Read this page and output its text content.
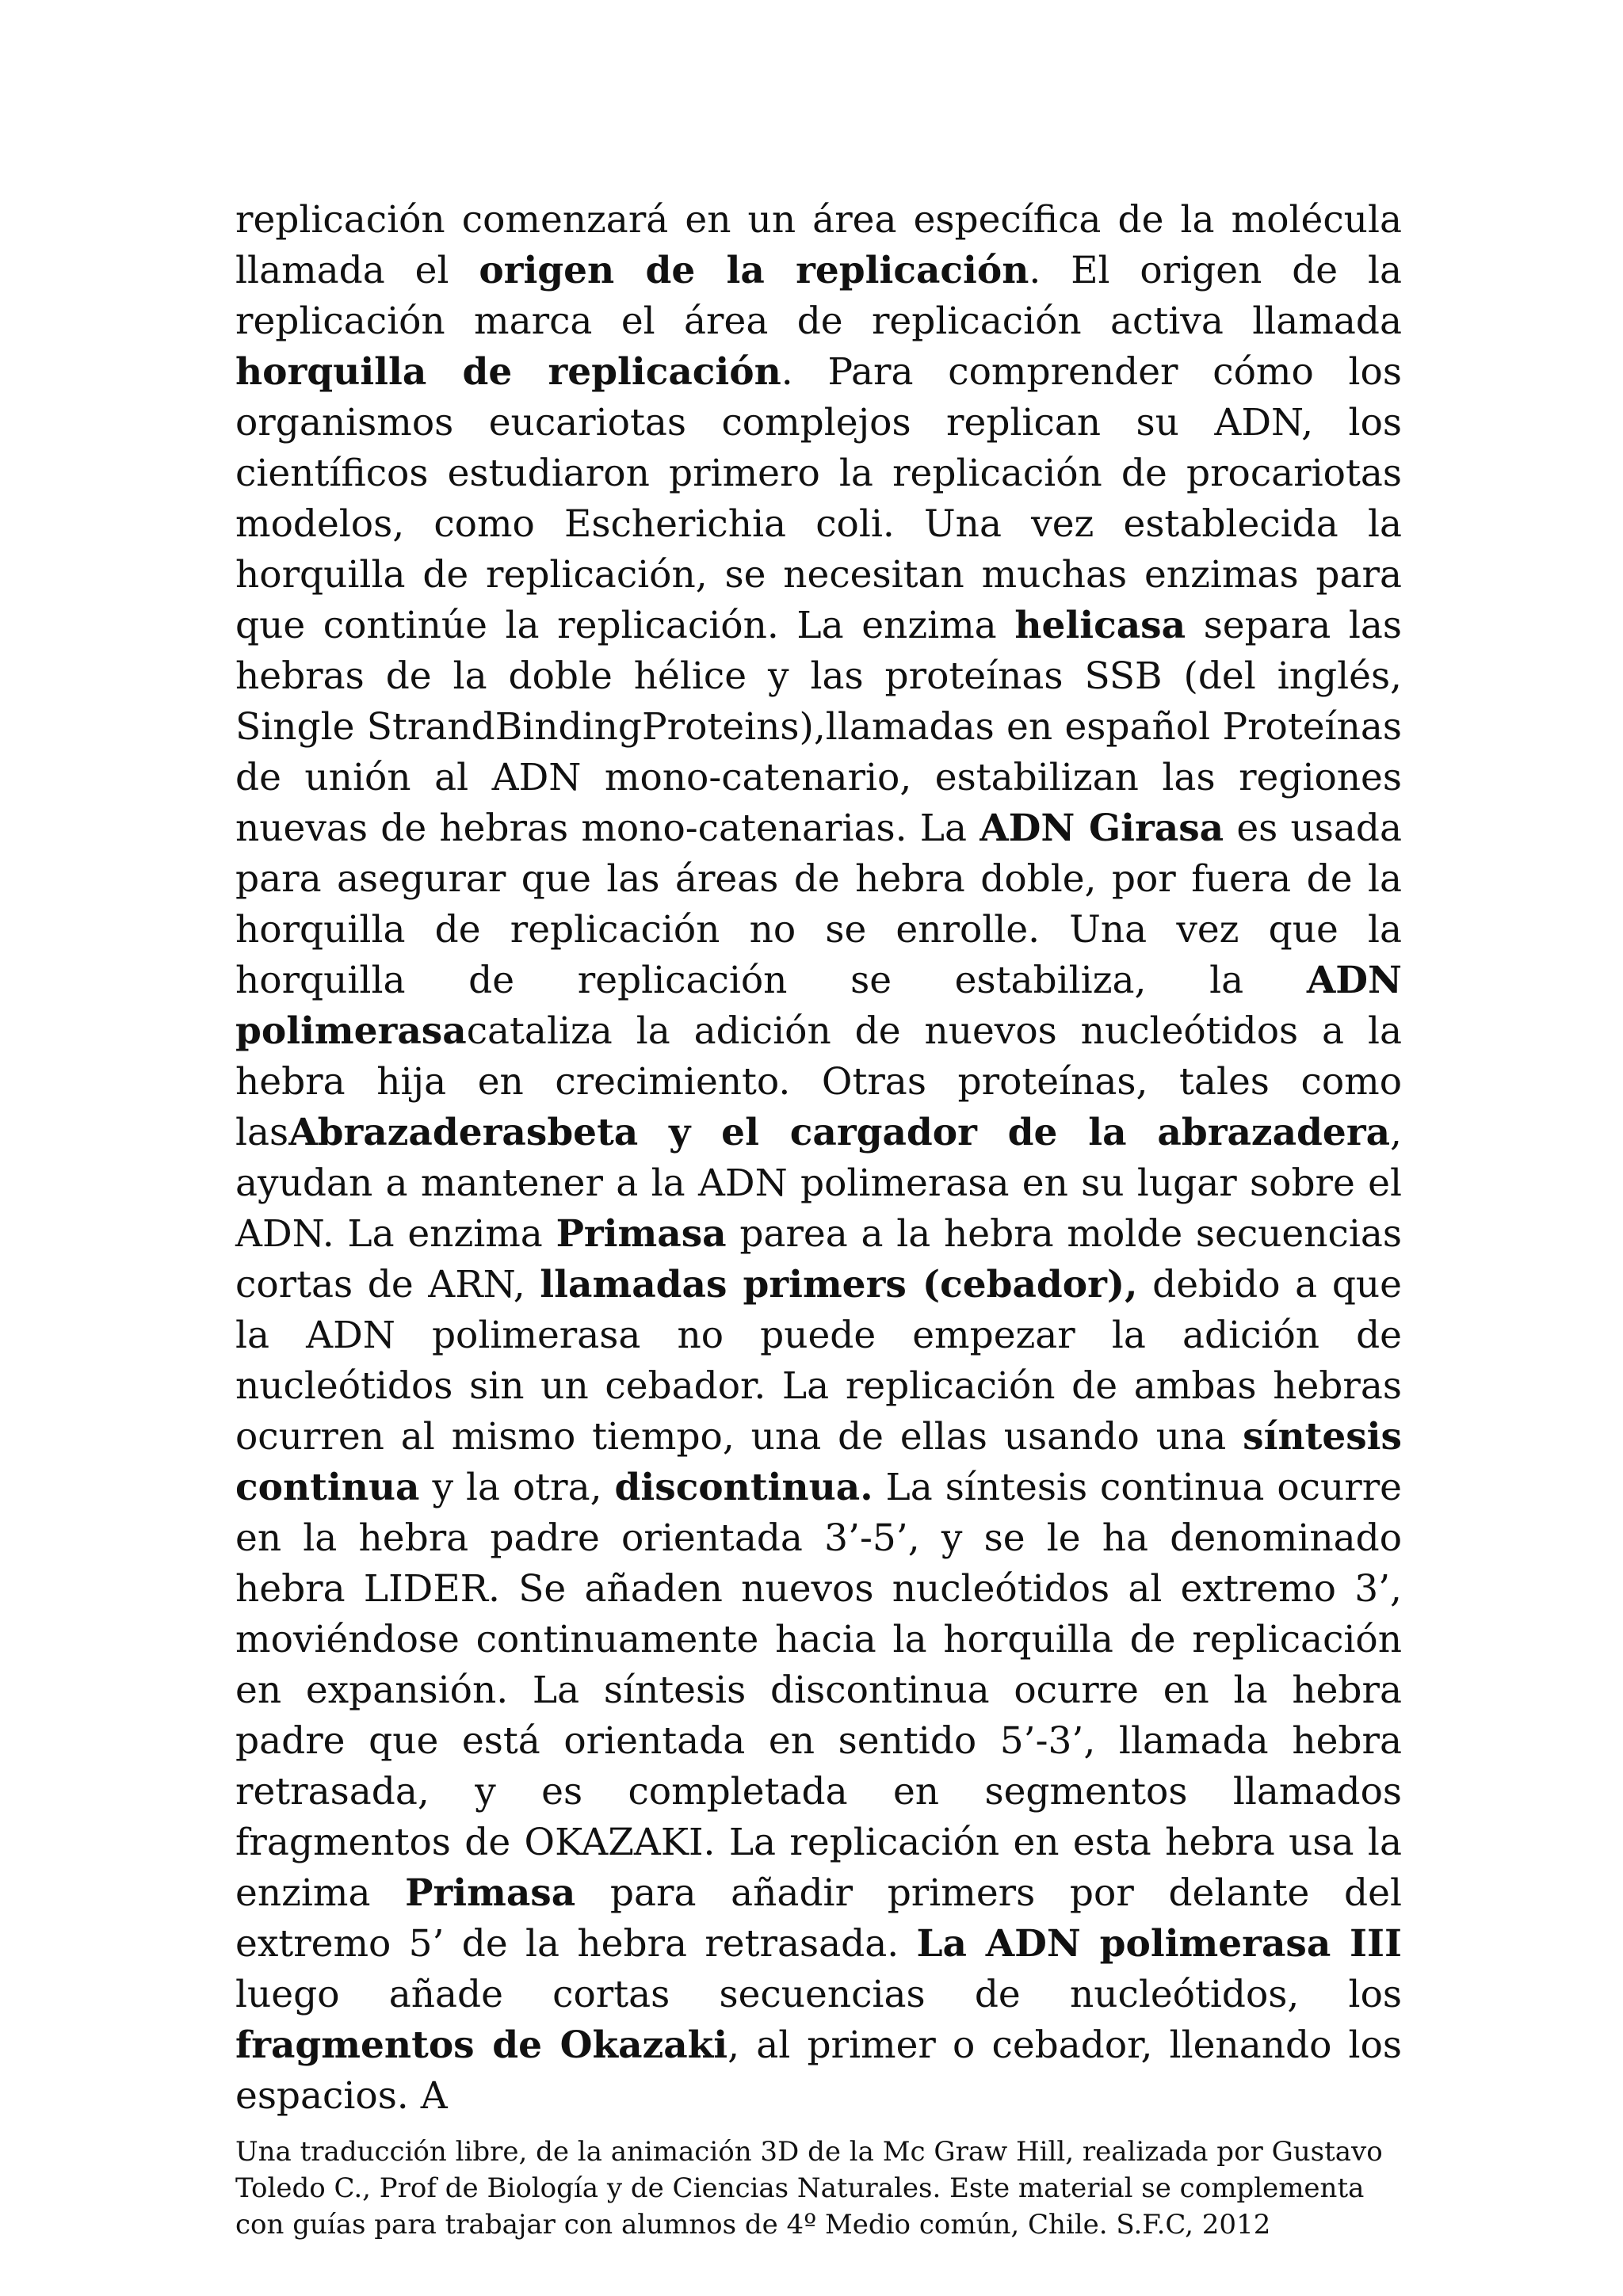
replicación comenzará en un área específica de la molécula llamada el origen de la replicación. El origen de la replicación marca el área de replicación activa llamada horquilla de replicación. Para comprender cómo los organismos eucariotas complejos replican su ADN, los científicos estudiaron primero la replicación de procariotas modelos, como Escherichia coli. Una vez establecida la horquilla de replicación, se necesitan muchas enzimas para que continúe la replicación. La enzima helicasa separa las hebras de la doble hélice y las proteínas SSB (del inglés, Single StrandBindingProteins),llamadas en español Proteínas de unión al ADN mono-catenario, estabilizan las regiones nuevas de hebras mono-catenarias. La ADN Girasa es usada para asegurar que las áreas de hebra doble, por fuera de la horquilla de replicación no se enrolle. Una vez que la horquilla de replicación se estabiliza, la ADN polimerasacataliza la adición de nuevos nucleótidos a la hebra hija en crecimiento. Otras proteínas, tales como lasAbrazaderasbeta y el cargador de la abrazadera, ayudan a mantener a la ADN polimerasa en su lugar sobre el ADN. La enzima Primasa parea a la hebra molde secuencias cortas de ARN, llamadas primers (cebador), debido a que la ADN polimerasa no puede empezar la adición de nucleótidos sin un cebador. La replicación de ambas hebras ocurren al mismo tiempo, una de ellas usando una síntesis continua y la otra, discontinua. La síntesis continua ocurre en la hebra padre orientada 3’-5’, y se le ha denominado hebra LIDER. Se añaden nuevos nucleótidos al extremo 3’, moviéndose continuamente hacia la horquilla de replicación en expansión. La síntesis discontinua ocurre en la hebra padre que está orientada en sentido 5’-3’, llamada hebra retrasada, y es completada en segmentos llamados fragmentos de OKAZAKI. La replicación en esta hebra usa la enzima Primasa para añadir primers por delante del extremo 5’ de la hebra retrasada. La ADN polimerasa III luego añade cortas secuencias de nucleótidos, los fragmentos de Okazaki, al primer o cebador, llenando los espacios. A

Una traducción libre, de la animación 3D de la Mc Graw Hill, realizada por Gustavo
Toledo C., Prof de Biología y de Ciencias Naturales. Este material se complementa
con guías para trabajar con alumnos de 4º Medio común, Chile. S.F.C, 2012
